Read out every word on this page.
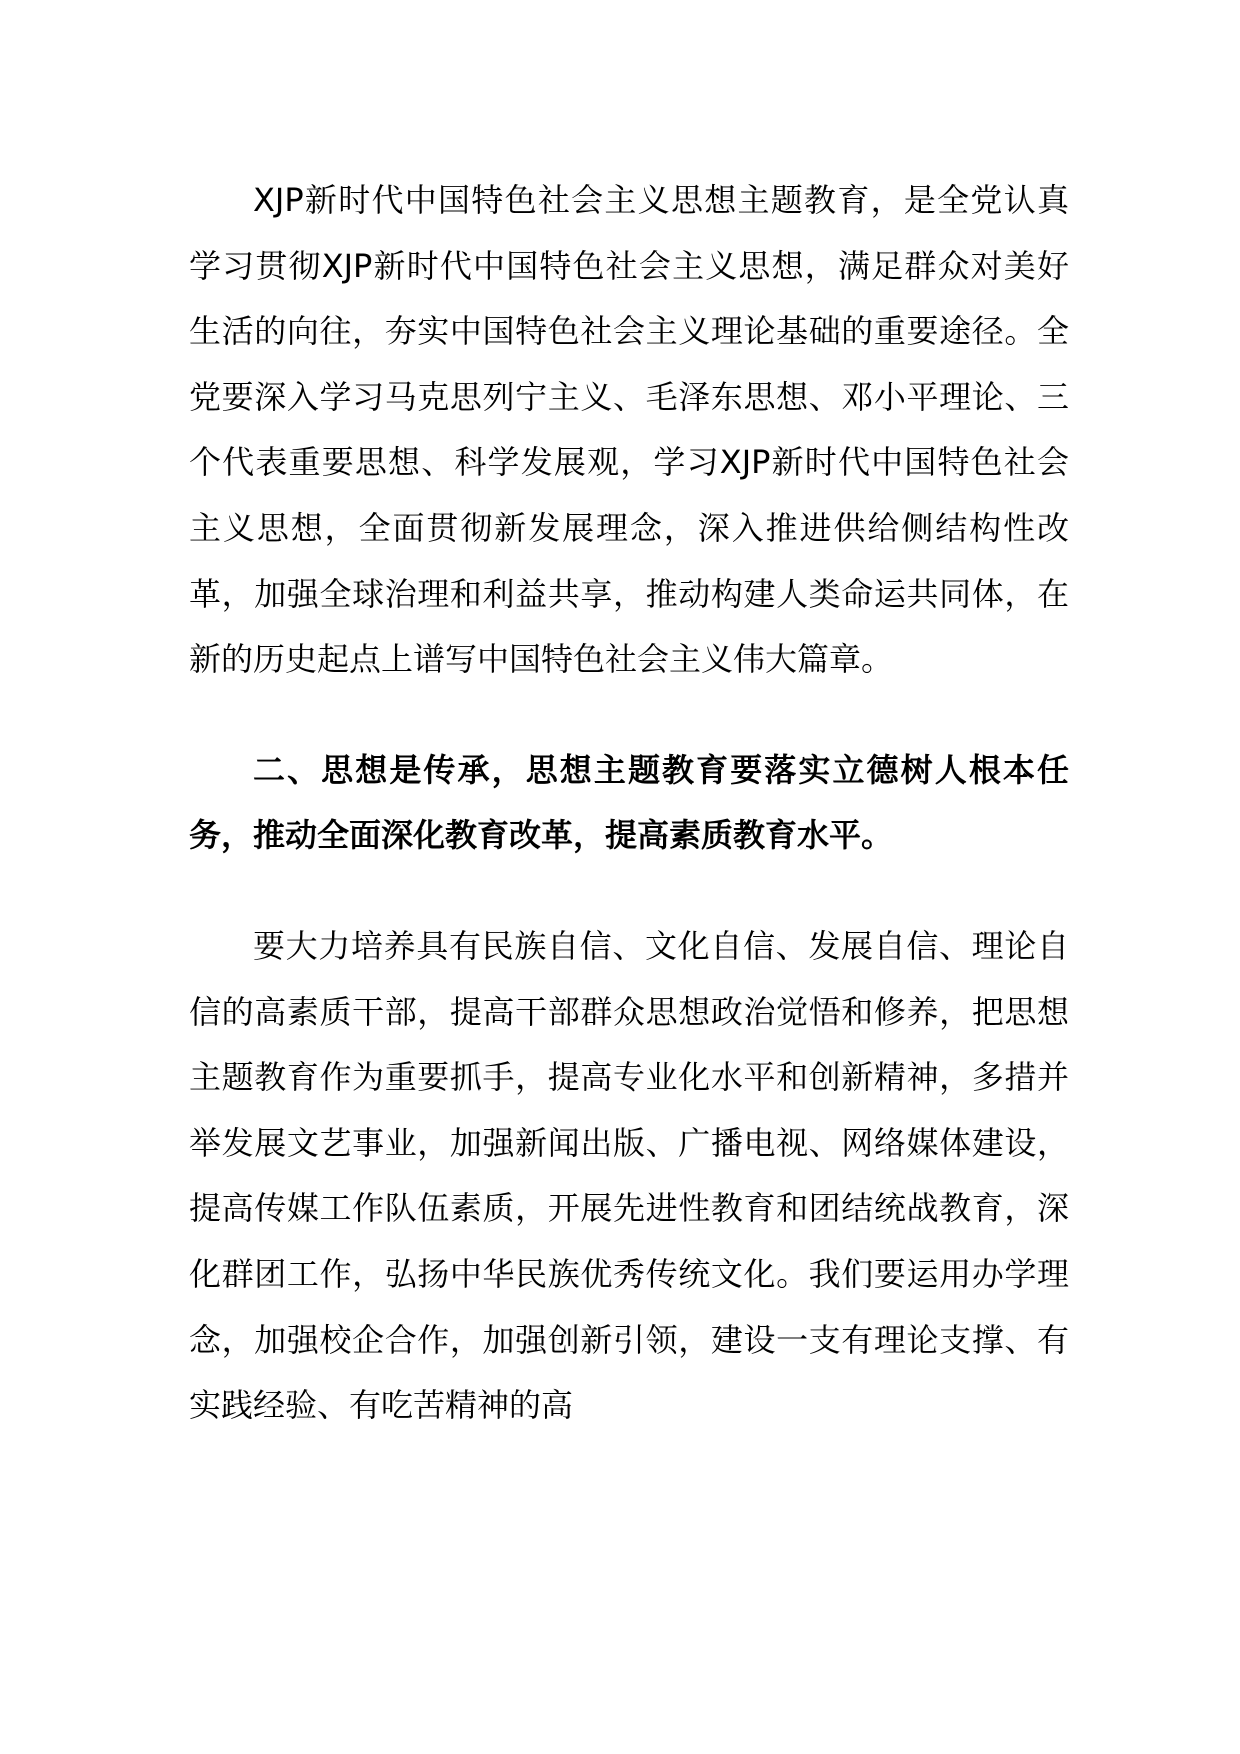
XJP新时代中国特色社会主义思想主题教育，是全党认真学习贯彻XJP新时代中国特色社会主义思想，满足群众对美好生活的向往，夯实中国特色社会主义理论基础的重要途径。全党要深入学习马克思列宁主义、毛泽东思想、邓小平理论、三个代表重要思想、科学发展观，学习XJP新时代中国特色社会主义思想，全面贯彻新发展理念，深入推进供给侧结构性改革，加强全球治理和利益共享，推动构建人类命运共同体，在新的历史起点上谱写中国特色社会主义伟大篇章。

二、思想是传承，思想主题教育要落实立德树人根本任务，推动全面深化教育改革，提高素质教育水平。

要大力培养具有民族自信、文化自信、发展自信、理论自信的高素质干部，提高干部群众思想政治觉悟和修养，把思想主题教育作为重要抓手，提高专业化水平和创新精神，多措并举发展文艺事业，加强新闻出版、广播电视、网络媒体建设，提高传媒工作队伍素质，开展先进性教育和团结统战教育，深化群团工作，弘扬中华民族优秀传统文化。我们要运用办学理念，加强校企合作，加强创新引领，建设一支有理论支撑、有实践经验、有吃苦精神的高
